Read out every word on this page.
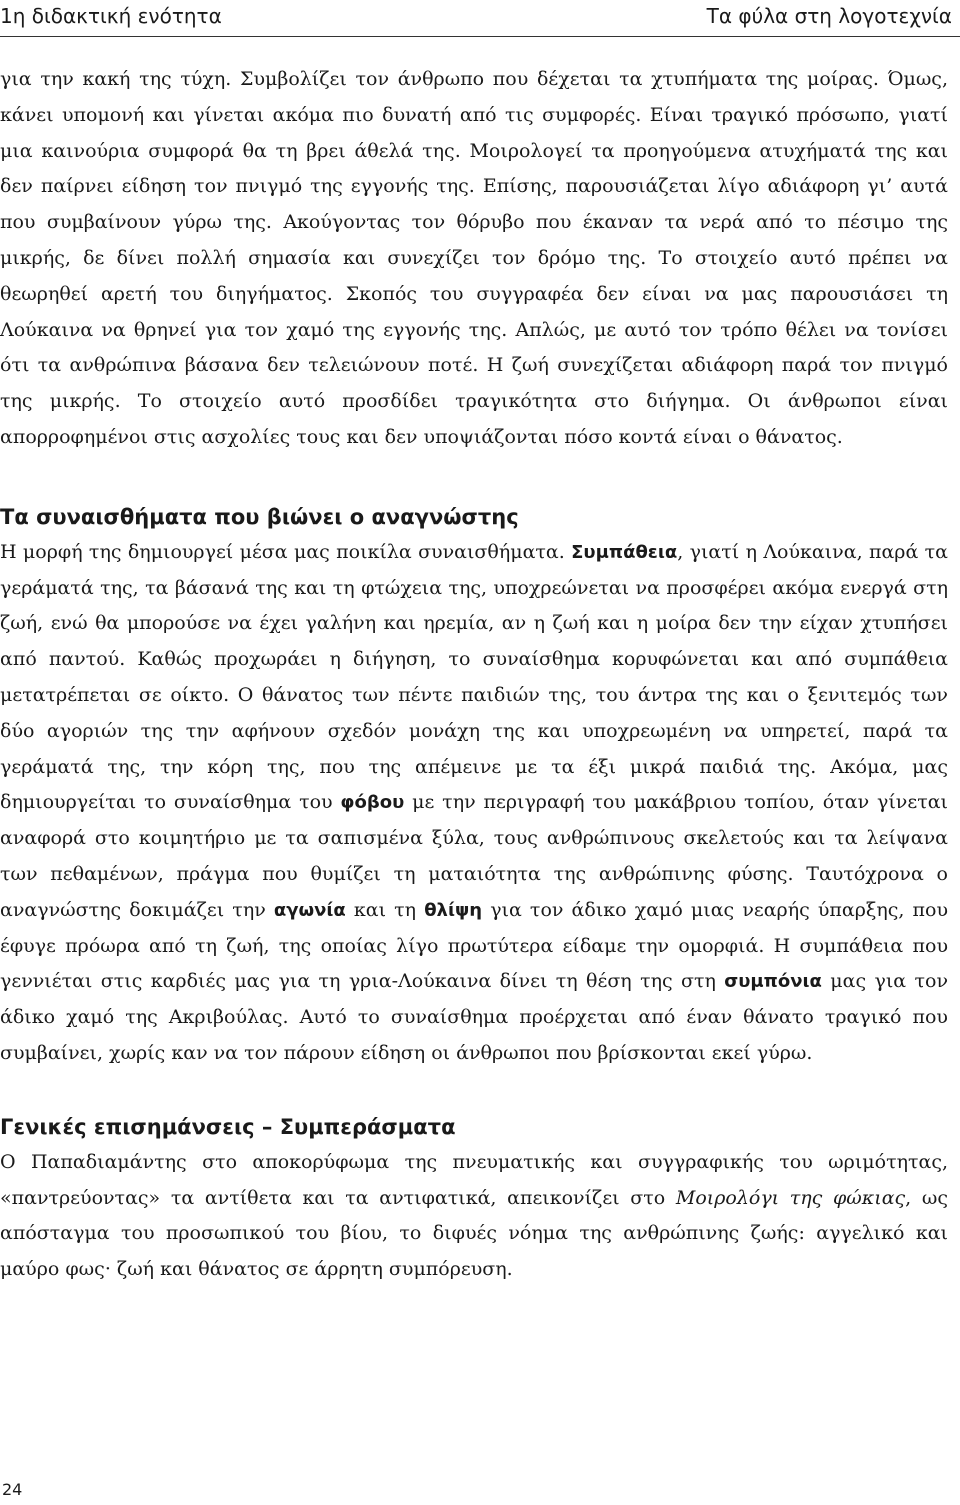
1η διδακτική ενότητα	Τα φύλα στη λογοτεχνία

για την κακή της τύχη. Συμβολίζει τον άνθρωπο που δέχεται τα χτυπήματα της μοίρας. Όμως, κάνει υπομονή και γίνεται ακόμα πιο δυνατή από τις συμφορές. Είναι τραγικό πρόσωπο, γιατί μια καινούρια συμφορά θα τη βρει άθελά της. Μοιρολογεί τα προηγούμενα ατυχήματά της και δεν παίρνει είδηση τον πνιγμό της εγγονής της. Επίσης, παρουσιάζεται λίγο αδιάφορη γι’ αυτά που συμβαίνουν γύρω της. Ακούγοντας τον θόρυβο που έκαναν τα νερά από το πέσιμο της μικρής, δε δίνει πολλή σημασία και συνεχίζει τον δρόμο της. Το στοιχείο αυτό πρέπει να θεωρηθεί αρετή του διηγήματος. Σκοπός του συγγραφέα δεν είναι να μας παρουσιάσει τη Λούκαινα να θρηνεί για τον χαμό της εγγονής της. Απλώς, με αυτό τον τρόπο θέλει να τονίσει ότι τα ανθρώπινα βάσανα δεν τελειώνουν ποτέ. Η ζωή συνεχίζεται αδιάφορη παρά τον πνιγμό της μικρής. Το στοιχείο αυτό προσδίδει τραγικότητα στο διήγημα. Οι άνθρωποι είναι απορροφημένοι στις ασχολίες τους και δεν υποψιάζονται πόσο κοντά είναι ο θάνατος.

Τα συναισθήματα που βιώνει ο αναγνώστης

Η μορφή της δημιουργεί μέσα μας ποικίλα συναισθήματα. Συμπάθεια, γιατί η Λούκαινα, παρά τα γεράματά της, τα βάσανά της και τη φτώχεια της, υποχρεώνεται να προσφέρει ακόμα ενεργά στη ζωή, ενώ θα μπορούσε να έχει γαλήνη και ηρεμία, αν η ζωή και η μοίρα δεν την είχαν χτυπήσει από παντού. Καθώς προχωράει η διήγηση, το συναίσθημα κορυφώνεται και από συμπάθεια μετατρέπεται σε οίκτο. Ο θάνατος των πέντε παιδιών της, του άντρα της και ο ξενιτεμός των δύο αγοριών της την αφήνουν σχεδόν μονάχη της και υποχρεωμένη να υπηρετεί, παρά τα γεράματά της, την κόρη της, που της απέμεινε με τα έξι μικρά παιδιά της. Ακόμα, μας δημιουργείται το συναίσθημα του φόβου με την περιγραφή του μακάβριου τοπίου, όταν γίνεται αναφορά στο κοιμητήριο με τα σαπισμένα ξύλα, τους ανθρώπινους σκελετούς και τα λείψανα των πεθαμένων, πράγμα που θυμίζει τη ματαιότητα της ανθρώπινης φύσης. Ταυτόχρονα ο αναγνώστης δοκιμάζει την αγωνία και τη θλίψη για τον άδικο χαμό μιας νεαρής ύπαρξης, που έφυγε πρόωρα από τη ζωή, της οποίας λίγο πρωτύτερα είδαμε την ομορφιά. Η συμπάθεια που γεννιέται στις καρδιές μας για τη γρια-Λούκαινα δίνει τη θέση της στη συμπόνια μας για τον άδικο χαμό της Ακριβούλας. Αυτό το συναίσθημα προέρχεται από έναν θάνατο τραγικό που συμβαίνει, χωρίς καν να τον πάρουν είδηση οι άνθρωποι που βρίσκονται εκεί γύρω.

Γενικές επισημάνσεις – Συμπεράσματα

Ο Παπαδιαμάντης στο αποκορύφωμα της πνευματικής και συγγραφικής του ωριμότητας, «παντρεύοντας» τα αντίθετα και τα αντιφατικά, απεικονίζει στο Μοιρολόγι της φώκιας, ως απόσταγμα του προσωπικού του βίου, το διφυές νόημα της ανθρώπινης ζωής: αγγελικό και μαύρο φως· ζωή και θάνατος σε άρρητη συμπόρευση.

24
